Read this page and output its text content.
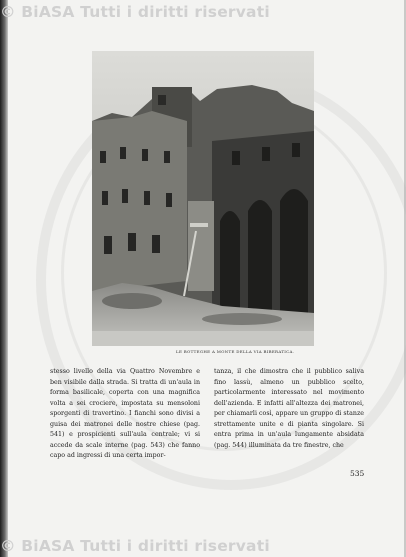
LE BOTTEGHE A MONTE DELLA VIA BIBERATICA.

stesso livello della via Quattro Novembre e ben visibile dalla strada. Si tratta di un'aula in forma basilicale, coperta con una magnifica volta a sei crociere, impostata su mensoloni sporgenti di travertino. I fianchi sono divisi a guisa dei matronei delle nostre chiese (pag. 541) e prospicienti sull'aula centrale; vi si accede da scale interne (pag. 543) che fanno capo ad ingressi di una certa impor-

tanza, il che dimostra che il pubblico saliva fino lassù, almeno un pubblico scelto, particolarmente interessato nel movimento dell'azienda. E infatti all'altezza dei matronei, per chiamarli così, appare un gruppo di stanze strettamente unite e di pianta singolare. Si entra prima in un'aula lungamente absidata (pag. 544) illuminata da tre finestre, che

535
© BiASA Tutti i diritti riservati
© BiASA Tutti i diritti riservati
